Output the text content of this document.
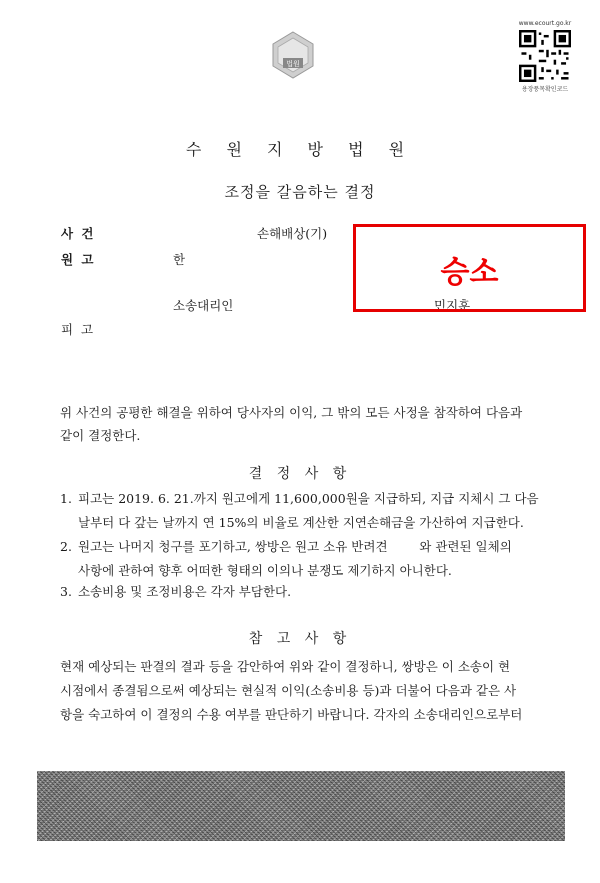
법원
www.ecourt.go.kr
용장풍목확인코드
수 원 지 방 법 원
조정을 갈음하는 결정
사 건	손해배상(기)
원 고	한
소송대리인	민지훈
피 고
승소
위 사건의 공평한 해결을 위하여 당사자의 이익, 그 밖의 모든 사정을 참작하여 다음과
같이 결정한다.
결 정 사 항
1. 피고는 2019. 6. 21.까지 원고에게 11,600,000원을 지급하되, 지급 지체시 그 다음
날부터 다 갚는 날까지 연 15%의 비율로 계산한 지연손해금을 가산하여 지급한다.
2. 원고는 나머지 청구를 포기하고, 쌍방은 원고 소유 반려견        와 관련된 일체의
사항에 관하여 향후 어떠한 형태의 이의나 분쟁도 제기하지 아니한다.
3. 소송비용 및 조정비용은 각자 부담한다.
참 고 사 항
현재 예상되는 판결의 결과 등을 감안하여 위와 같이 결정하니, 쌍방은 이 소송이 현
시점에서 종결됨으로써 예상되는 현실적 이익(소송비용 등)과 더불어 다음과 같은 사
항을 숙고하여 이 결정의 수용 여부를 판단하기 바랍니다. 각자의 소송대리인으로부터
